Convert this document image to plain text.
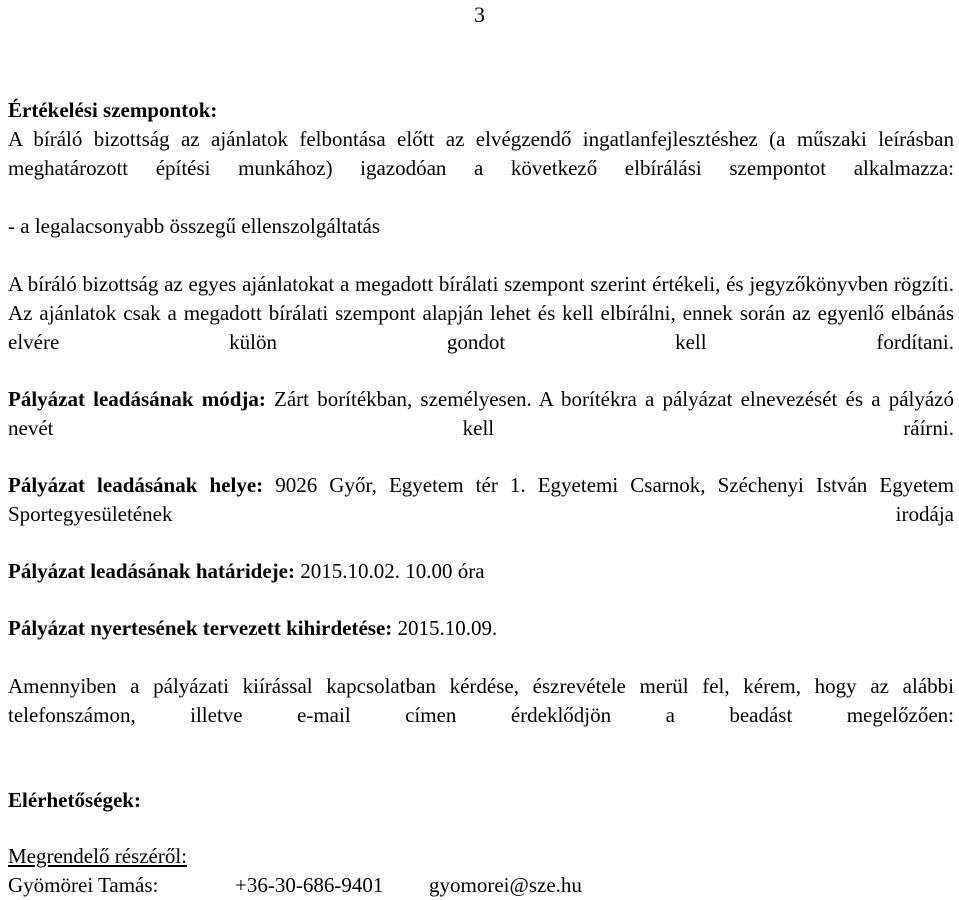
3

Értékelési szempontok:

A bíráló bizottság az ajánlatok felbontása előtt az elvégzendő ingatlanfejlesztéshez (a műszaki leírásban meghatározott építési munkához) igazodóan a következő elbírálási szempontot alkalmazza:

- a legalacsonyabb összegű ellenszolgáltatás

A bíráló bizottság az egyes ajánlatokat a megadott bírálati szempont szerint értékeli, és jegyzőkönyvben rögzíti. Az ajánlatok csak a megadott bírálati szempont alapján lehet és kell elbírálni, ennek során az egyenlő elbánás elvére külön gondot kell fordítani.

Pályázat leadásának módja: Zárt borítékban, személyesen. A borítékra a pályázat elnevezését és a pályázó nevét kell ráírni.

Pályázat leadásának helye: 9026 Győr, Egyetem tér 1. Egyetemi Csarnok, Széchenyi István Egyetem Sportegyesületének irodája

Pályázat leadásának határideje: 2015.10.02. 10.00 óra

Pályázat nyertesének tervezett kihirdetése: 2015.10.09.

Amennyiben a pályázati kiírással kapcsolatban kérdése, észrevétele merül fel, kérem, hogy az alábbi telefonszámon, illetve e-mail címen érdeklődjön a beadást megelőzően:

Elérhetőségek:

Megrendelő részéről:

Gyömörei Tamás:	+36-30-686-9401 gyomorei@sze.hu
